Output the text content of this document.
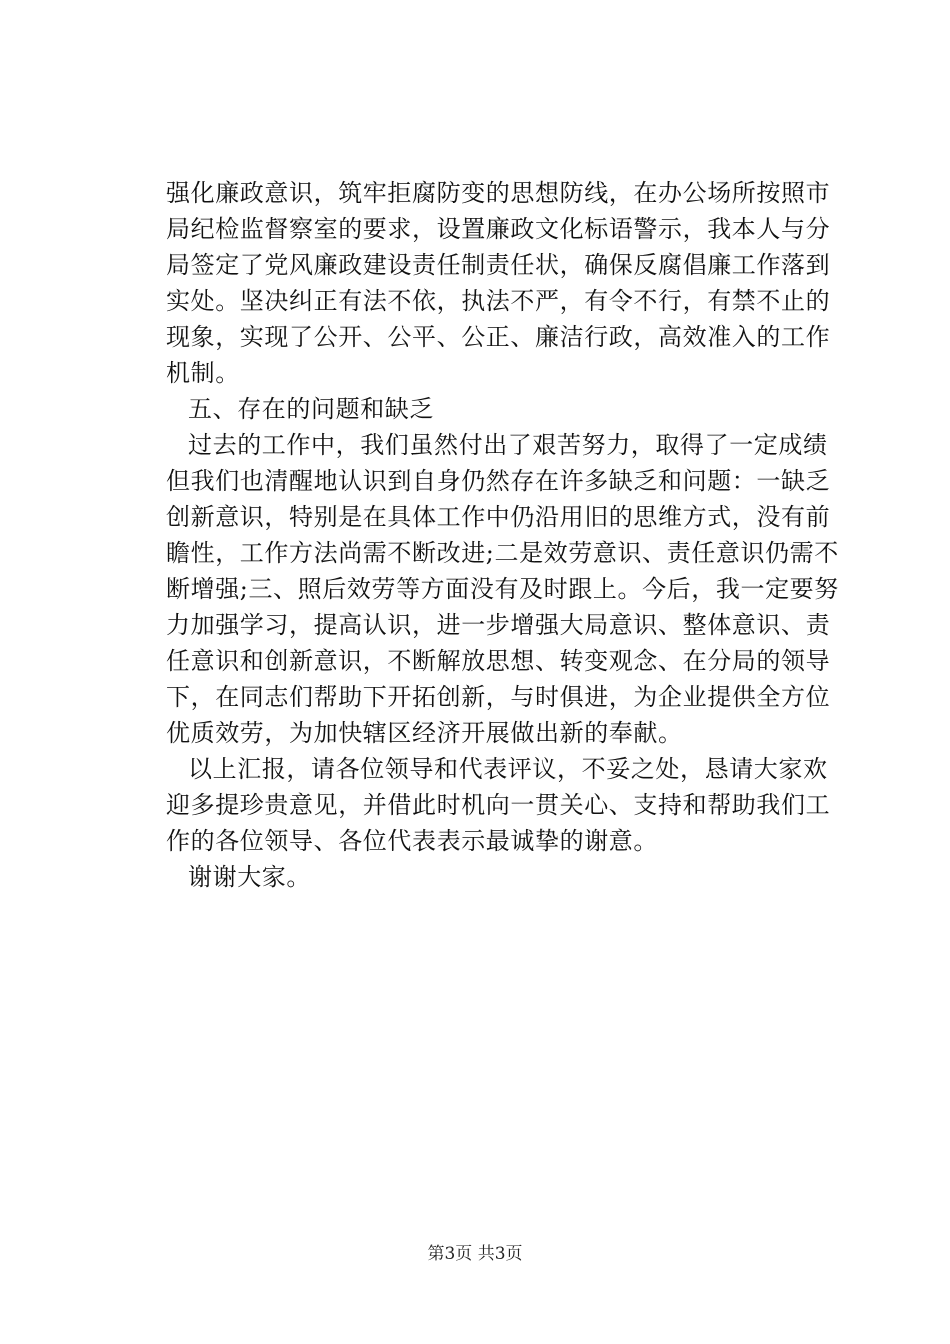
强化廉政意识，筑牢拒腐防变的思想防线，在办公场所按照市
局纪检监督察室的要求，设置廉政文化标语警示，我本人与分
局签定了党风廉政建设责任制责任状，确保反腐倡廉工作落到
实处。坚决纠正有法不依，执法不严，有令不行，有禁不止的
现象，实现了公开、公平、公正、廉洁行政，高效准入的工作
机制。
五、存在的问题和缺乏
过去的工作中，我们虽然付出了艰苦努力，取得了一定成绩
但我们也清醒地认识到自身仍然存在许多缺乏和问题：一缺乏
创新意识，特别是在具体工作中仍沿用旧的思维方式，没有前
瞻性，工作方法尚需不断改进;二是效劳意识、责任意识仍需不
断增强;三、照后效劳等方面没有及时跟上。今后，我一定要努
力加强学习，提高认识，进一步增强大局意识、整体意识、责
任意识和创新意识，不断解放思想、转变观念、在分局的领导
下，在同志们帮助下开拓创新，与时俱进，为企业提供全方位
优质效劳，为加快辖区经济开展做出新的奉献。
以上汇报，请各位领导和代表评议，不妥之处，恳请大家欢
迎多提珍贵意见，并借此时机向一贯关心、支持和帮助我们工
作的各位领导、各位代表表示最诚挚的谢意。
谢谢大家。
第3页 共3页
